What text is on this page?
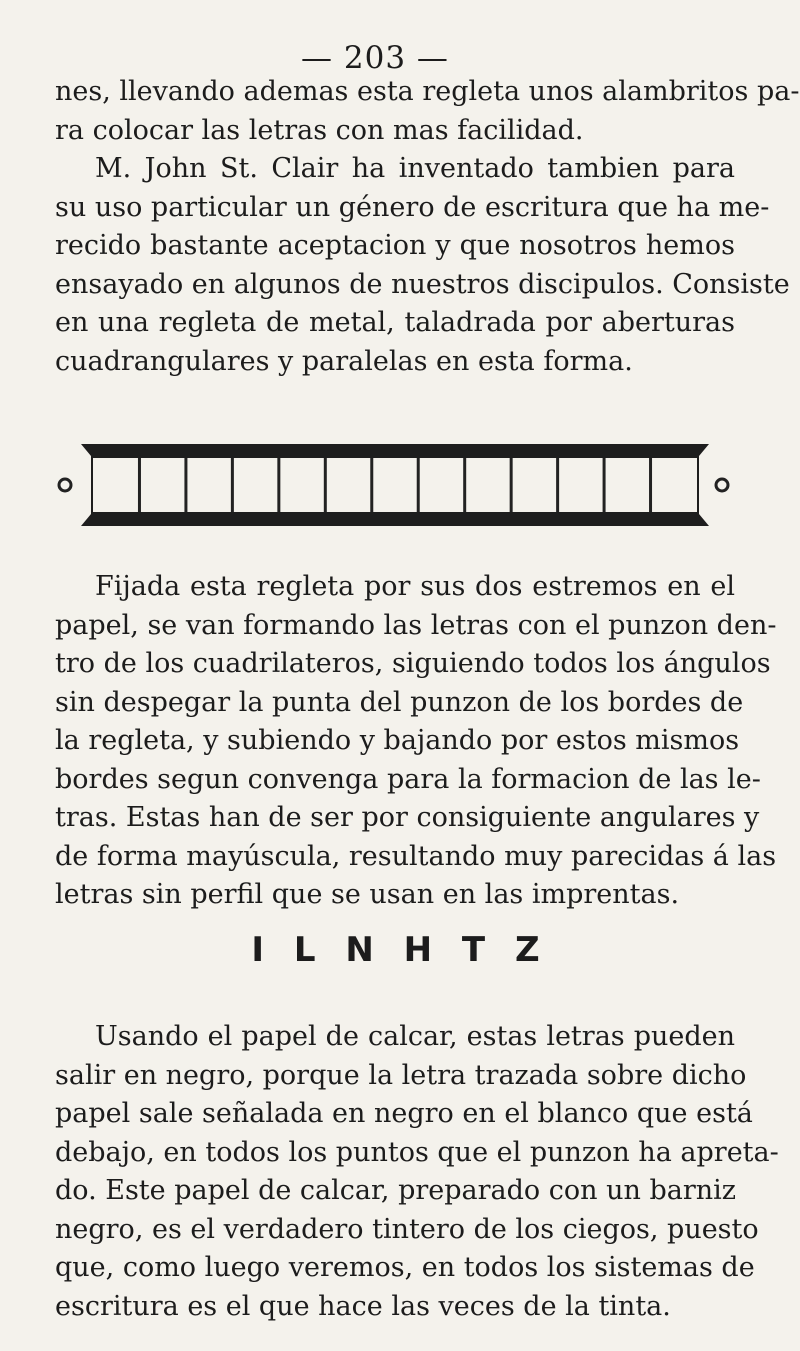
— 203 —

nes, llevando ademas esta regleta unos alambritos pa-
ra colocar las letras con mas facilidad.
M. John St. Clair ha inventado tambien para
su uso particular un género de escritura que ha me-
recido bastante aceptacion y que nosotros hemos
ensayado en algunos de nuestros discipulos. Consiste
en una regleta de metal, taladrada por aberturas
cuadrangulares y paralelas en esta forma.

Fijada esta regleta por sus dos estremos en el
papel, se van formando las letras con el punzon den-
tro de los cuadrilateros, siguiendo todos los ángulos
sin despegar la punta del punzon de los bordes de
la regleta, y subiendo y bajando por estos mismos
bordes segun convenga para la formacion de las le-
tras. Estas han de ser por consiguiente angulares y
de forma mayúscula, resultando muy parecidas á las
letras sin perfil que se usan en las imprentas.

I L N H T Z

Usando el papel de calcar, estas letras pueden
salir en negro, porque la letra trazada sobre dicho
papel sale señalada en negro en el blanco que está
debajo, en todos los puntos que el punzon ha apreta-
do. Este papel de calcar, preparado con un barniz
negro, es el verdadero tintero de los ciegos, puesto
que, como luego veremos, en todos los sistemas de
escritura es el que hace las veces de la tinta.
